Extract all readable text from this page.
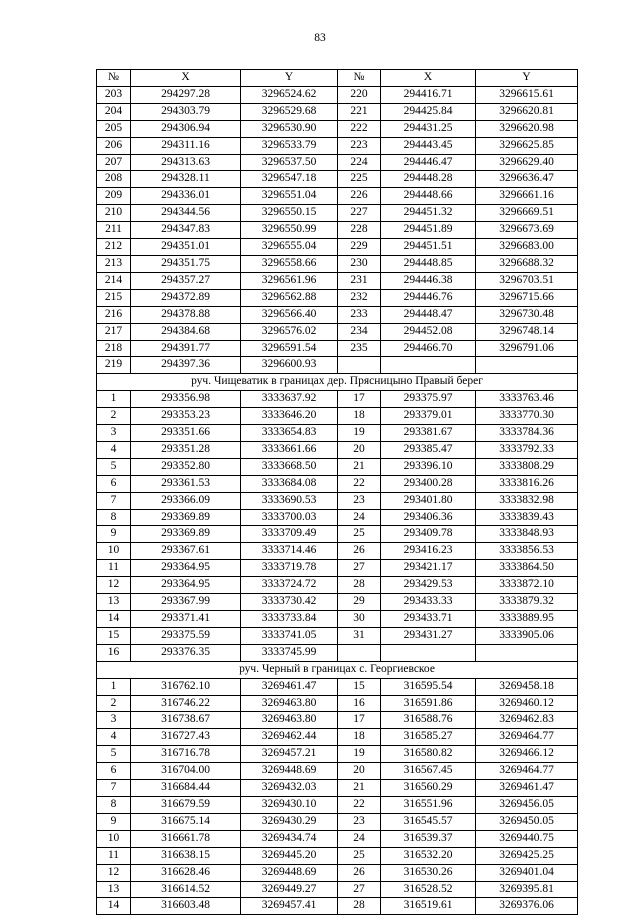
83
№	X	Y	№	X	Y
203	294297.28	3296524.62	220	294416.71	3296615.61
204	294303.79	3296529.68	221	294425.84	3296620.81
205	294306.94	3296530.90	222	294431.25	3296620.98
206	294311.16	3296533.79	223	294443.45	3296625.85
207	294313.63	3296537.50	224	294446.47	3296629.40
208	294328.11	3296547.18	225	294448.28	3296636.47
209	294336.01	3296551.04	226	294448.66	3296661.16
210	294344.56	3296550.15	227	294451.32	3296669.51
211	294347.83	3296550.99	228	294451.89	3296673.69
212	294351.01	3296555.04	229	294451.51	3296683.00
213	294351.75	3296558.66	230	294448.85	3296688.32
214	294357.27	3296561.96	231	294446.38	3296703.51
215	294372.89	3296562.88	232	294446.76	3296715.66
216	294378.88	3296566.40	233	294448.47	3296730.48
217	294384.68	3296576.02	234	294452.08	3296748.14
218	294391.77	3296591.54	235	294466.70	3296791.06
219	294397.36	3296600.93			
руч. Чищеватик в границах дер. Прясницыно Правый берег					
1	293356.98	3333637.92	17	293375.97	3333763.46
2	293353.23	3333646.20	18	293379.01	3333770.30
3	293351.66	3333654.83	19	293381.67	3333784.36
4	293351.28	3333661.66	20	293385.47	3333792.33
5	293352.80	3333668.50	21	293396.10	3333808.29
6	293361.53	3333684.08	22	293400.28	3333816.26
7	293366.09	3333690.53	23	293401.80	3333832.98
8	293369.89	3333700.03	24	293406.36	3333839.43
9	293369.89	3333709.49	25	293409.78	3333848.93
10	293367.61	3333714.46	26	293416.23	3333856.53
11	293364.95	3333719.78	27	293421.17	3333864.50
12	293364.95	3333724.72	28	293429.53	3333872.10
13	293367.99	3333730.42	29	293433.33	3333879.32
14	293371.41	3333733.84	30	293433.71	3333889.95
15	293375.59	3333741.05	31	293431.27	3333905.06
16	293376.35	3333745.99			
руч. Черный в границах с. Георгиевское					
1	316762.10	3269461.47	15	316595.54	3269458.18
2	316746.22	3269463.80	16	316591.86	3269460.12
3	316738.67	3269463.80	17	316588.76	3269462.83
4	316727.43	3269462.44	18	316585.27	3269464.77
5	316716.78	3269457.21	19	316580.82	3269466.12
6	316704.00	3269448.69	20	316567.45	3269464.77
7	316684.44	3269432.03	21	316560.29	3269461.47
8	316679.59	3269430.10	22	316551.96	3269456.05
9	316675.14	3269430.29	23	316545.57	3269450.05
10	316661.78	3269434.74	24	316539.37	3269440.75
11	316638.15	3269445.20	25	316532.20	3269425.25
12	316628.46	3269448.69	26	316530.26	3269401.04
13	316614.52	3269449.27	27	316528.52	3269395.81
14	316603.48	3269457.41	28	316519.61	3269376.06
